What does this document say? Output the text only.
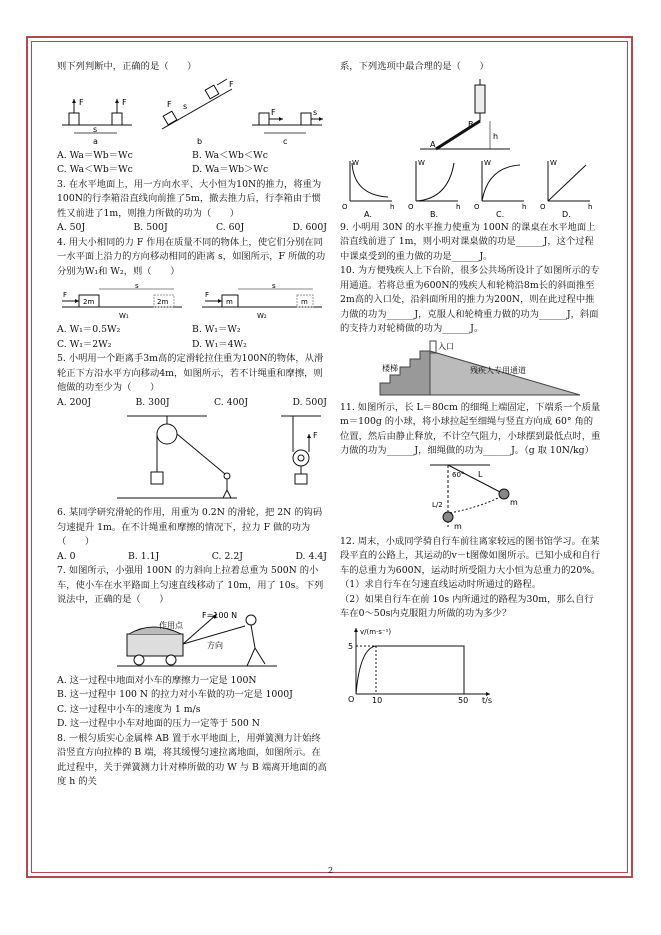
则下列判断中，正确的是（　　）

F	F
s
a
s
F
F
b
F	s
c
A. Wa＝Wb＝Wc	B. Wa＜Wb＜Wc
C. Wa＜Wb＝Wc	D. Wa＝Wb＞Wc

3. 在水平地面上，用一方向水平、大小恒为10N的推力，将重为100N的行李箱沿直线向前推了5m，撤去推力后，行李箱由于惯性又前进了1m，则推力所做的功为（　　）

A. 50J	B. 500J	C. 60J	D. 600J

4. 用大小相同的力 F 作用在质量不同的物体上，使它们分别在同一水平面上沿力的方向移动相同的距离 s，如图所示，F 所做的功分别为W₁和 W₂，则（　　）

F
2m
s
2m
W₁
F
m
s
m
W₂
A. W₁＝0.5W₂	B. W₁＝W₂
C. W₁＝2W₂	D. W₁＝4W₂

5. 小明用一个距离手3m高的定滑轮拉住重为100N的物体，从滑轮正下方沿水平方向移动4m，如图所示，若不计绳重和摩擦，则他做的功至少为（　　）

A. 200J	B. 300J	C. 400J	D. 500J
F

6. 某同学研究滑轮的作用，用重为 0.2N 的滑轮，把 2N 的钩码匀速提升 1m。在不计绳重和摩擦的情况下，拉力 F 做的功为（　　）

A. 0	B. 1.1J	C. 2.2J	D. 4.4J

7. 如图所示，小强用 100N 的力斜向上拉着总重为 500N 的小车，使小车在水平路面上匀速直线移动了 10m，用了 10s。下列说法中，正确的是（　　）

F=100 N
作用点
方向

A. 这一过程中地面对小车的摩擦力一定是 100N

B. 这一过程中 100 N 的拉力对小车做的功一定是 1000J

C. 这一过程中小车的速度为 1 m/s

D. 这一过程中小车对地面的压力一定等于 500 N

8. 一根匀质实心金属棒 AB 置于水平地面上，用弹簧测力计始终沿竖直方向拉棒的 B 端，将其缓慢匀速拉离地面，如图所示。在此过程中，关于弹簧测力计对棒所做的功 W 与 B 端离开地面的高度 h 的关

系，下列选项中最合理的是（　　）

B
A
h
W
h
O
A.
W
h
O
B.
W
h
O
C.
W
h
O
D.

9. 小明用 30N 的水平推力使重为 100N 的课桌在水平地面上沿直线前进了 1m，则小明对课桌做的功是______J，这个过程中课桌受到的重力做的功是______J。

10. 为方便残疾人上下台阶，很多公共场所设计了如图所示的专用通道。若将总重为600N的残疾人和轮椅沿8m长的斜面推至2m高的入口处，沿斜面所用的推力为200N，则在此过程中推力做的功为______J，克服人和轮椅重力做的功为______J，斜面的支持力对轮椅做的功为______J。

入口
楼梯	残疾人专用通道

11. 如图所示，长 L＝80cm 的细绳上端固定，下端系一个质量 m＝100g 的小球，将小球拉起至细绳与竖直方向成 60° 角的位置，然后由静止释放，不计空气阻力，小球摆到最低点时，重力做的功为______J，细绳做的功为______J。（g 取 10N/kg）

60° L
L/2	m
m

12. 周末，小成同学骑自行车前往离家较远的图书馆学习。在某段平直的公路上，其运动的v－t图像如图所示。已知小成和自行车的总重力为600N，运动时所受阻力大小恒为总重力的20%。

（1）求自行车在匀速直线运动时所通过的路程。

（2）如果自行车在前 10s 内所通过的路程为30m，那么自行车在0～50s内克服阻力所做的功为多少？

v/(m·s⁻¹)
5
O 10	50 t/s
2
